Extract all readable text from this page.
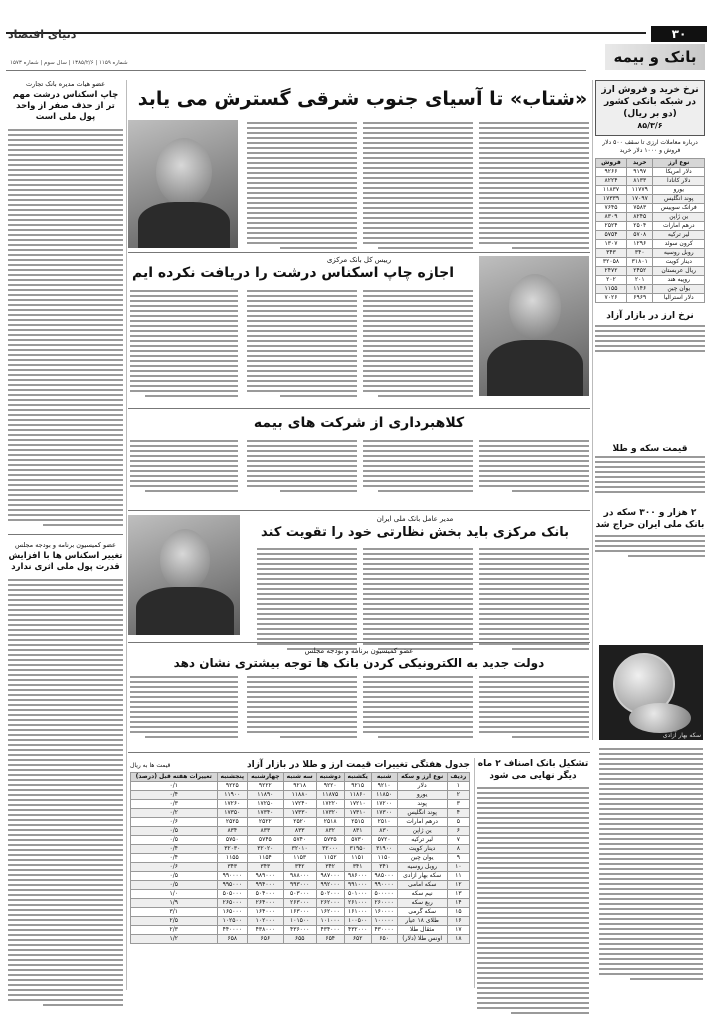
۳۰
بانک و بیمه
دنیای اقتصاد
شماره ۱۱۵۹ | ۱۳۸۵/۲/۶ | سال سوم | شماره ۱۵۷۳
نرخ خرید و فروش ارز در شبکه بانکی کشور (دو بر ریال)
۸۵/۳/۶
درباره معاملات ارزی تا سقف ۵۰۰ دلار فروش و ۱۰۰۰ دلار خرید
نوع ارز	خرید	فروش
دلار آمریکا	۹۱۹۷	۹۲۶۶
دلار کانادا	۸۱۳۳	۸۲۲۴
یورو	۱۱۷۷۹	۱۱۸۳۷
پوند انگلیس	۱۷۰۹۷	۱۷۳۳۹
فرانک سوییس	۷۵۸۳	۷۶۴۵
ین ژاپن	۸۲۴۵	۸۳۰۹
درهم امارات	۲۵۰۴	۲۵۲۴
لیر ترکیه	۵۷۰۸	۵۷۵۴
کرون سوئد	۱۲۹۶	۱۳۰۷
روبل روسیه	۳۴۰	۳۴۳
دینار کویت	۳۱۸۰۱	۳۲۰۵۸
ریال عربستان	۲۴۵۲	۲۴۷۲
روپیه هند	۲۰۱	۲۰۲
یوان چین	۱۱۴۶	۱۱۵۵
دلار استرالیا	۶۹۶۹	۷۰۲۶
نرخ ارز در بازار آزاد
قیمت سکه و طلا
۲ هزار و ۳۰۰ سکه در بانک ملی ایران حراج شد
سکه بهار آزادی
عضو هیات مدیره بانک تجارت
چاپ اسکناس درشت مهم تر از حذف صفر از واحد پول ملی است
عضو کمیسیون برنامه و بودجه مجلس
تغییر اسکناس ها با افزایش قدرت پول ملی اثری ندارد
«شتاب» تا آسیای جنوب شرقی گسترش می یابد
رییس کل بانک مرکزی
اجازه چاپ اسکناس درشت را دریافت نکرده ایم
کلاهبرداری از شرکت های بیمه
مدیر عامل بانک ملی ایران
بانک مرکزی باید بخش نظارتی خود را تقویت کند
عضو کمیسیون برنامه و بودجه مجلس
دولت جدید به الکترونیکی کردن بانک ها توجه بیشتری نشان دهد
تشکیل بانک اصناف ۲ ماه دیگر نهایی می شود
جدول هفتگی تغییرات قیمت ارز و طلا در بازار آزاد
قیمت ها به ریال
ردیف	نوع ارز و سکه	شنبه	یکشنبه	دوشنبه	سه شنبه	چهارشنبه	پنجشنبه	تغییرات هفته قبل (درصد)
۱	دلار	۹۲۱۰	۹۲۱۵	۹۲۲۰	۹۲۱۸	۹۲۲۲	۹۲۲۵	۰/۱
۲	یورو	۱۱۸۵۰	۱۱۸۶۰	۱۱۸۷۵	۱۱۸۸۰	۱۱۸۹۰	۱۱۹۰۰	۰/۴
۳	پوند	۱۷۲۰۰	۱۷۲۱۰	۱۷۲۲۰	۱۷۲۴۰	۱۷۲۵۰	۱۷۲۶۰	۰/۳
۴	پوند انگلیس	۱۷۳۰۰	۱۷۳۱۰	۱۷۳۲۰	۱۷۳۳۰	۱۷۳۴۰	۱۷۳۵۰	۰/۲
۵	درهم امارات	۲۵۱۰	۲۵۱۵	۲۵۱۸	۲۵۲۰	۲۵۲۲	۲۵۲۵	۰/۶
۶	ین ژاپن	۸۳۰	۸۳۱	۸۳۲	۸۳۳	۸۳۳	۸۳۴	۰/۵
۷	لیر ترکیه	۵۷۲۰	۵۷۳۰	۵۷۳۵	۵۷۴۰	۵۷۴۵	۵۷۵۰	۰/۵
۸	دینار کویت	۳۱۹۰۰	۳۱۹۵۰	۳۲۰۰۰	۳۲۰۱۰	۳۲۰۲۰	۳۲۰۳۰	۰/۴
۹	یوان چین	۱۱۵۰	۱۱۵۱	۱۱۵۲	۱۱۵۳	۱۱۵۴	۱۱۵۵	۰/۴
۱۰	روبل روسیه	۳۴۱	۳۴۱	۳۴۲	۳۴۲	۳۴۳	۳۴۳	۰/۶
۱۱	سکه بهار آزادی	۹۸۵۰۰۰	۹۸۶۰۰۰	۹۸۷۰۰۰	۹۸۸۰۰۰	۹۸۹۰۰۰	۹۹۰۰۰۰	۰/۵
۱۲	سکه امامی	۹۹۰۰۰۰	۹۹۱۰۰۰	۹۹۲۰۰۰	۹۹۳۰۰۰	۹۹۴۰۰۰	۹۹۵۰۰۰	۰/۵
۱۳	نیم سکه	۵۰۰۰۰۰	۵۰۱۰۰۰	۵۰۲۰۰۰	۵۰۳۰۰۰	۵۰۴۰۰۰	۵۰۵۰۰۰	۱/۰
۱۴	ربع سکه	۲۶۰۰۰۰	۲۶۱۰۰۰	۲۶۲۰۰۰	۲۶۳۰۰۰	۲۶۴۰۰۰	۲۶۵۰۰۰	۱/۹
۱۵	سکه گرمی	۱۶۰۰۰۰	۱۶۱۰۰۰	۱۶۲۰۰۰	۱۶۳۰۰۰	۱۶۴۰۰۰	۱۶۵۰۰۰	۳/۱
۱۶	طلای ۱۸ عیار	۱۰۰۰۰۰	۱۰۰۵۰۰	۱۰۱۰۰۰	۱۰۱۵۰۰	۱۰۲۰۰۰	۱۰۲۵۰۰	۲/۵
۱۷	مثقال طلا	۴۳۰۰۰۰	۴۳۲۰۰۰	۴۳۴۰۰۰	۴۳۶۰۰۰	۴۳۸۰۰۰	۴۴۰۰۰۰	۲/۳
۱۸	اونس طلا (دلار)	۶۵۰	۶۵۲	۶۵۴	۶۵۵	۶۵۶	۶۵۸	۱/۲
